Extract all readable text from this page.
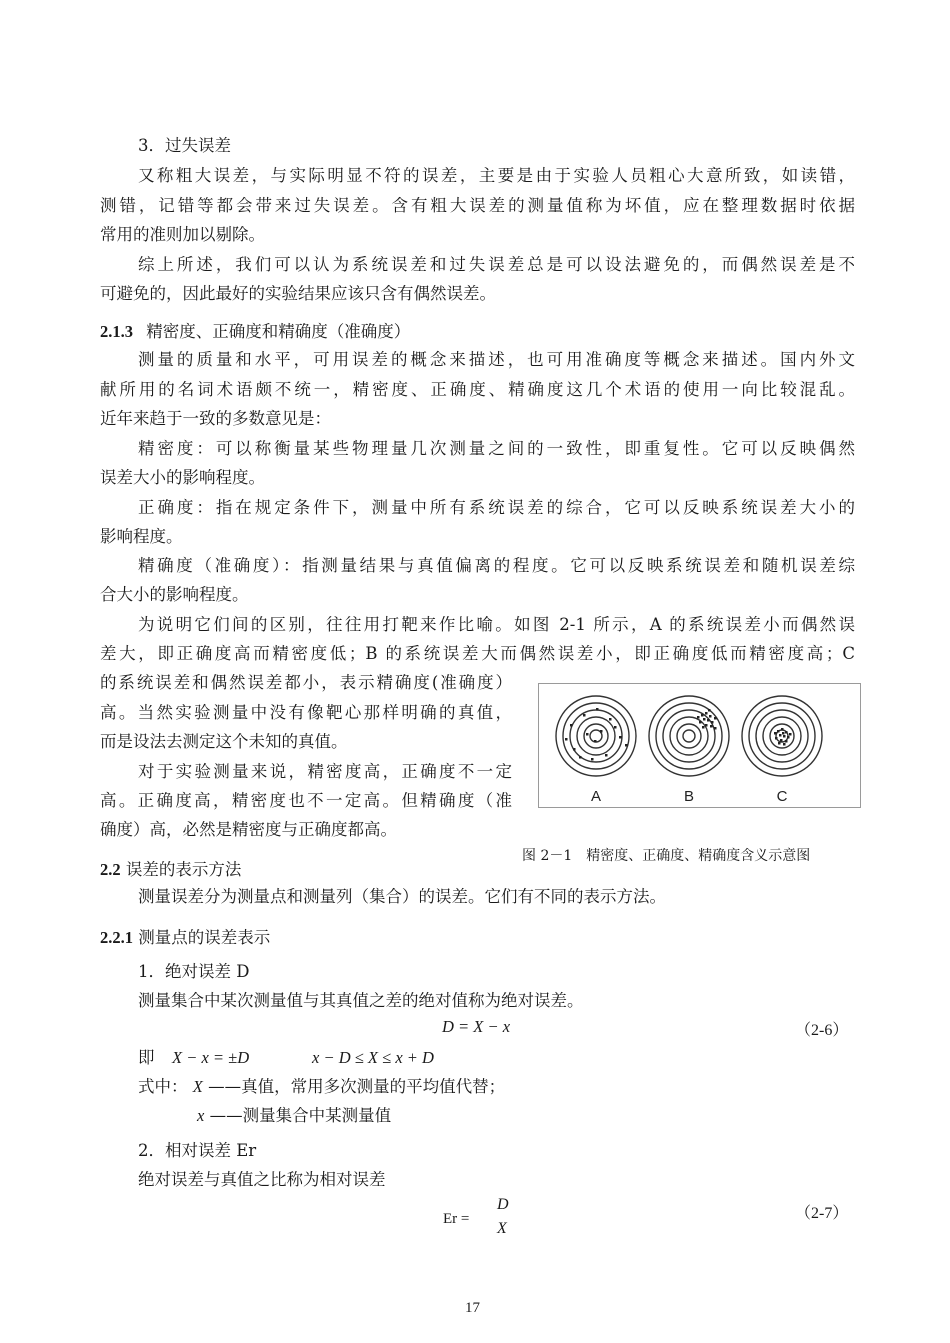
3．过失误差
又称粗大误差，与实际明显不符的误差，主要是由于实验人员粗心大意所致，如读错，
测错，记错等都会带来过失误差。含有粗大误差的测量值称为坏值，应在整理数据时依据
常用的准则加以剔除。
综上所述，我们可以认为系统误差和过失误差总是可以设法避免的，而偶然误差是不
可避免的，因此最好的实验结果应该只含有偶然误差。
2.1.3 精密度、正确度和精确度（准确度）
测量的质量和水平，可用误差的概念来描述，也可用准确度等概念来描述。国内外文
献所用的名词术语颇不统一，精密度、正确度、精确度这几个术语的使用一向比较混乱。
近年来趋于一致的多数意见是：
精密度：可以称衡量某些物理量几次测量之间的一致性，即重复性。它可以反映偶然
误差大小的影响程度。
正确度：指在规定条件下，测量中所有系统误差的综合，它可以反映系统误差大小的
影响程度。
精确度（准确度）：指测量结果与真值偏离的程度。它可以反映系统误差和随机误差综
合大小的影响程度。
为说明它们间的区别，往往用打靶来作比喻。如图 2-1 所示，A 的系统误差小而偶然误
差大，即正确度高而精密度低；B 的系统误差大而偶然误差小，即正确度低而精密度高；C
的系统误差和偶然误差都小，表示精确度(准确度）
高。当然实验测量中没有像靶心那样明确的真值，
而是设法去测定这个未知的真值。
对于实验测量来说，精密度高，正确度不一定
高。正确度高，精密度也不一定高。但精确度（准
确度）高，必然是精密度与正确度都高。
A	B	C
图 2－1　精密度、正确度、精确度含义示意图
2.2 误差的表示方法
测量误差分为测量点和测量列（集合）的误差。它们有不同的表示方法。
2.2.1 测量点的误差表示
1．绝对误差 D
测量集合中某次测量值与其真值之差的绝对值称为绝对误差。
D = X − x	（2-6）
即 X − x = ±D	x − D ≤ X ≤ x + D
式中： X ——真值，常用多次测量的平均值代替；
x ——测量集合中某测量值
2．相对误差 Er
绝对误差与真值之比称为相对误差
Er =
D
X
（2-7）
17
